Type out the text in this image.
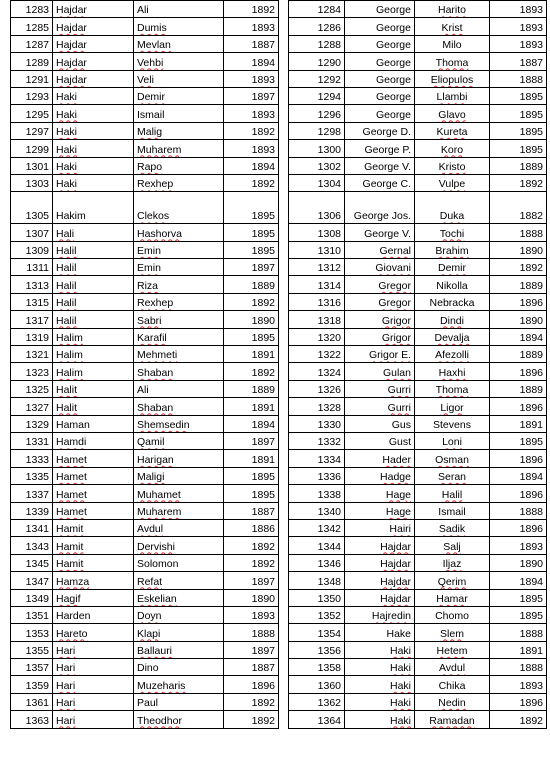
1283	Hajdar	Ali	1892
1285	Hajdar	Dumis	1893
1287	Hajdar	Mevlan	1887
1289	Hajdar	Vehbi	1894
1291	Hajdar	Veli	1893
1293	Haki	Demir	1897
1295	Haki	Ismail	1893
1297	Haki	Malig	1892
1299	Haki	Muharem	1893
1301	Haki	Rapo	1894
1303	Haki	Rexhep	1892
1305	Hakim	Clekos	1895
1307	Hali	Hashorva	1895
1309	Halil	Emin	1895
1311	Halil	Emin	1897
1313	Halil	Riza	1889
1315	Halil	Rexhep	1892
1317	Halil	Sabri	1890
1319	Halim	Karafil	1895
1321	Halim	Mehmeti	1891
1323	Halim	Shaban	1892
1325	Halit	Ali	1889
1327	Halit	Shaban	1891
1329	Haman	Shemsedin	1894
1331	Hamdi	Qamil	1897
1333	Hamet	Harigan	1891
1335	Hamet	Maligi	1895
1337	Hamet	Muhamet	1895
1339	Hamet	Muharem	1887
1341	Hamit	Avdul	1886
1343	Hamit	Dervishi	1892
1345	Hamit	Solomon	1892
1347	Hamza	Refat	1897
1349	Hagif	Eskelian	1890
1351	Harden	Doyn	1893
1353	Hareto	Klapi	1888
1355	Hari	Ballauri	1897
1357	Hari	Dino	1887
1359	Hari	Muzeharis	1896
1361	Hari	Paul	1892
1363	Hari	Theodhor	1892
1284	George	Harito	1893
1286	George	Krist	1893
1288	George	Milo	1893
1290	George	Thoma	1887
1292	George	Eliopulos	1888
1294	George	Llambi	1895
1296	George	Glavo	1895
1298	George D.	Kureta	1895
1300	George P.	Koro	1895
1302	George V.	Kristo	1889
1304	George C.	Vulpe	1892
1306	George Jos.	Duka	1882
1308	George V.	Tochi	1888
1310	Gernal	Brahim	1890
1312	Giovani	Demir	1892
1314	Gregor	Nikolla	1889
1316	Gregor	Nebracka	1896
1318	Grigor	Dindi	1890
1320	Grigor	Devalja	1894
1322	Grigor E.	Afezolli	1889
1324	Gulan	Haxhi	1896
1326	Gurri	Thoma	1889
1328	Gurri	Ligor	1896
1330	Gus	Stevens	1891
1332	Gust	Loni	1895
1334	Hader	Osman	1896
1336	Hadge	Seran	1894
1338	Hage	Halil	1896
1340	Hage	Ismail	1888
1342	Hairi	Sadik	1896
1344	Hajdar	Salj	1893
1346	Hajdar	Iljaz	1890
1348	Hajdar	Qerim	1894
1350	Hajdar	Hamar	1895
1352	Hajredin	Chomo	1895
1354	Hake	Slem	1888
1356	Haki	Hetem	1891
1358	Haki	Avdul	1888
1360	Haki	Chika	1893
1362	Haki	Nedin	1896
1364	Haki	Ramadan	1892
